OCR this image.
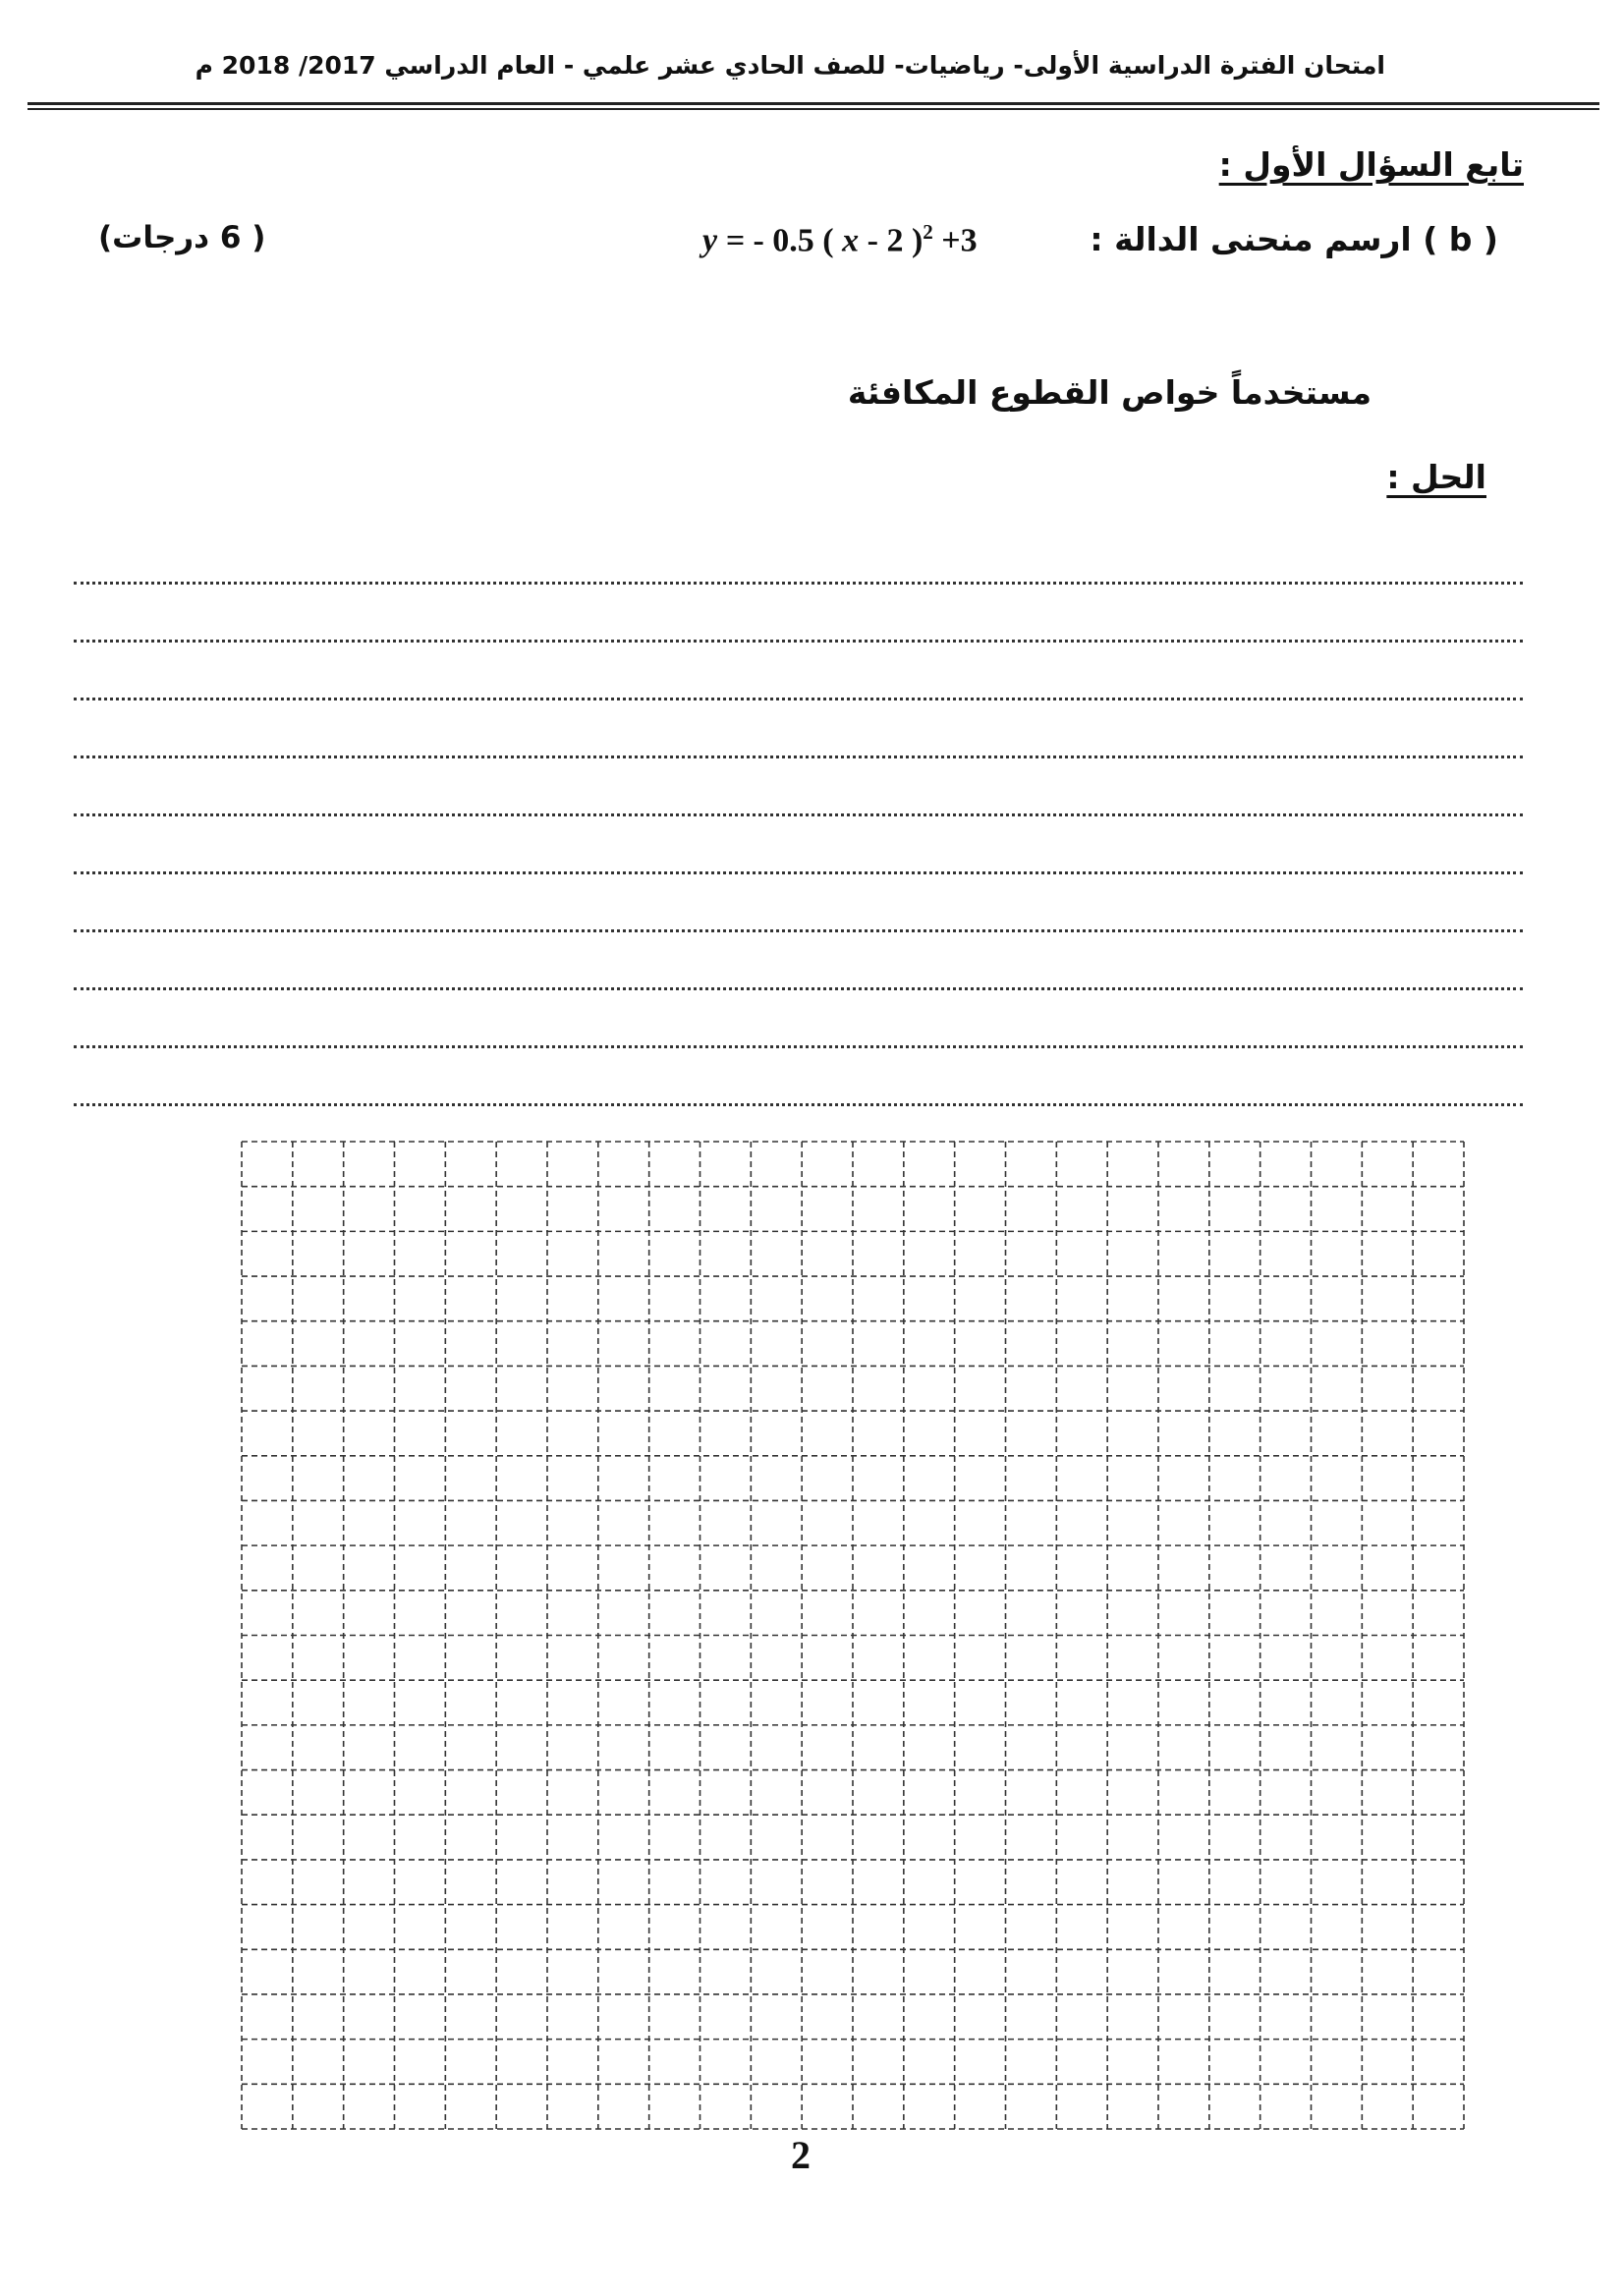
امتحان الفترة الدراسية الأولى- رياضيات- للصف الحادي عشر علمي - العام الدراسي 2017/ 2018 م
تابع السؤال الأول :
( b ) ارسم منحنى الدالة :
y = - 0.5 ( x - 2 )$^2$ +3
( 6 درجات)
مستخدماً خواص القطوع المكافئة
الحل :
2
